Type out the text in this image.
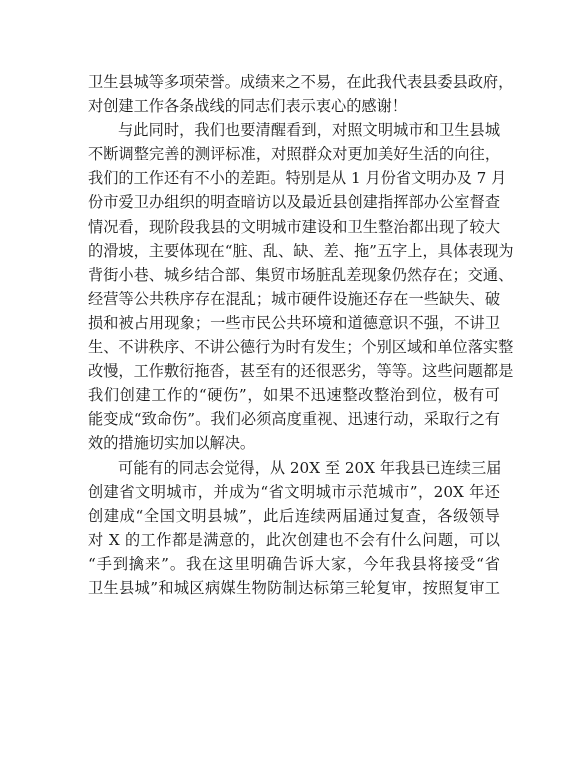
卫生县城等多项荣誉。成绩来之不易，在此我代表县委县政府，
对创建工作各条战线的同志们表示衷心的感谢！
与此同时，我们也要清醒看到，对照文明城市和卫生县城
不断调整完善的测评标准，对照群众对更加美好生活的向往，
我们的工作还有不小的差距。特别是从 1 月份省文明办及 7 月
份市爱卫办组织的明查暗访以及最近县创建指挥部办公室督查
情况看，现阶段我县的文明城市建设和卫生整治都出现了较大
的滑坡，主要体现在“脏、乱、缺、差、拖”五字上，具体表现为
背街小巷、城乡结合部、集贸市场脏乱差现象仍然存在；交通、
经营等公共秩序存在混乱；城市硬件设施还存在一些缺失、破
损和被占用现象；一些市民公共环境和道德意识不强，不讲卫
生、不讲秩序、不讲公德行为时有发生；个别区域和单位落实整
改慢，工作敷衍拖沓，甚至有的还很恶劣，等等。这些问题都是
我们创建工作的“硬伤”，如果不迅速整改整治到位，极有可
能变成“致命伤”。我们必须高度重视、迅速行动，采取行之有
效的措施切实加以解决。
可能有的同志会觉得，从 20X 至 20X 年我县已连续三届
创建省文明城市，并成为“省文明城市示范城市”，20X 年还
创建成“全国文明县城”，此后连续两届通过复查，各级领导
对 X 的工作都是满意的，此次创建也不会有什么问题，可以
“手到擒来”。我在这里明确告诉大家，今年我县将接受“省
卫生县城”和城区病媒生物防制达标第三轮复审，按照复审工
